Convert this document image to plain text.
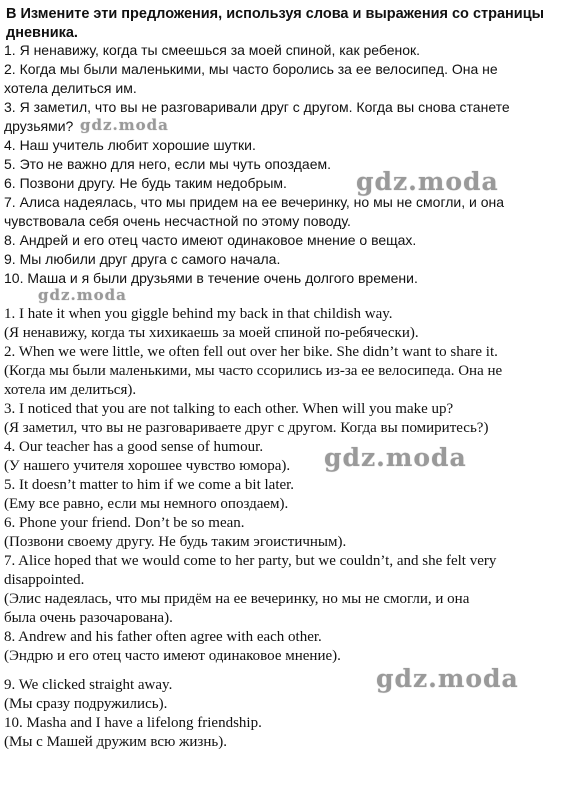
В Измените эти предложения, используя слова и выражения со страницы дневника.
1. Я ненавижу, когда ты смеешься за моей спиной, как ребенок.
2. Когда мы были маленькими, мы часто боролись за ее велосипед. Она не
хотела делиться им.
3. Я заметил, что вы не разговаривали друг с другом. Когда вы снова станете
друзьями?
4. Наш учитель любит хорошие шутки.
5. Это не важно для него, если мы чуть опоздаем.
6. Позвони другу. Не будь таким недобрым.
7. Алиса надеялась, что мы придем на ее вечеринку, но мы не смогли, и она
чувствовала себя очень несчастной по этому поводу.
8. Андрей и его отец часто имеют одинаковое мнение о вещах.
9. Мы любили друг друга с самого начала.
10. Маша и я были друзьями в течение очень долгого времени.
1. I hate it when you giggle behind my back in that childish way.
(Я ненавижу, когда ты хихикаешь за моей спиной по-ребячески).
2. When we were little, we often fell out over her bike. She didn’t want to share it.
(Когда мы были маленькими, мы часто ссорились из-за ее велосипеда. Она не
хотела им делиться).
3. I noticed that you are not talking to each other. When will you make up?
(Я заметил, что вы не разговариваете друг с другом. Когда вы помиритесь?)
4. Our teacher has a good sense of humour.
(У нашего учителя хорошее чувство юмора).
5. It doesn’t matter to him if we come a bit later.
(Ему все равно, если мы немного опоздаем).
6. Phone your friend. Don’t be so mean.
(Позвони своему другу. Не будь таким эгоистичным).
7. Alice hoped that we would come to her party, but we couldn’t, and she felt very
disappointed.
(Элис надеялась, что мы придём на ее вечеринку, но мы не смогли, и она
была очень разочарована).
8. Andrew and his father often agree with each other.
(Эндрю и его отец часто имеют одинаковое мнение).
9. We clicked straight away.
(Мы сразу подружились).
10. Masha and I have a lifelong friendship.
(Мы с Машей дружим всю жизнь).
gdz.moda
gdz.moda
gdz.moda
gdz.moda
gdz.moda
